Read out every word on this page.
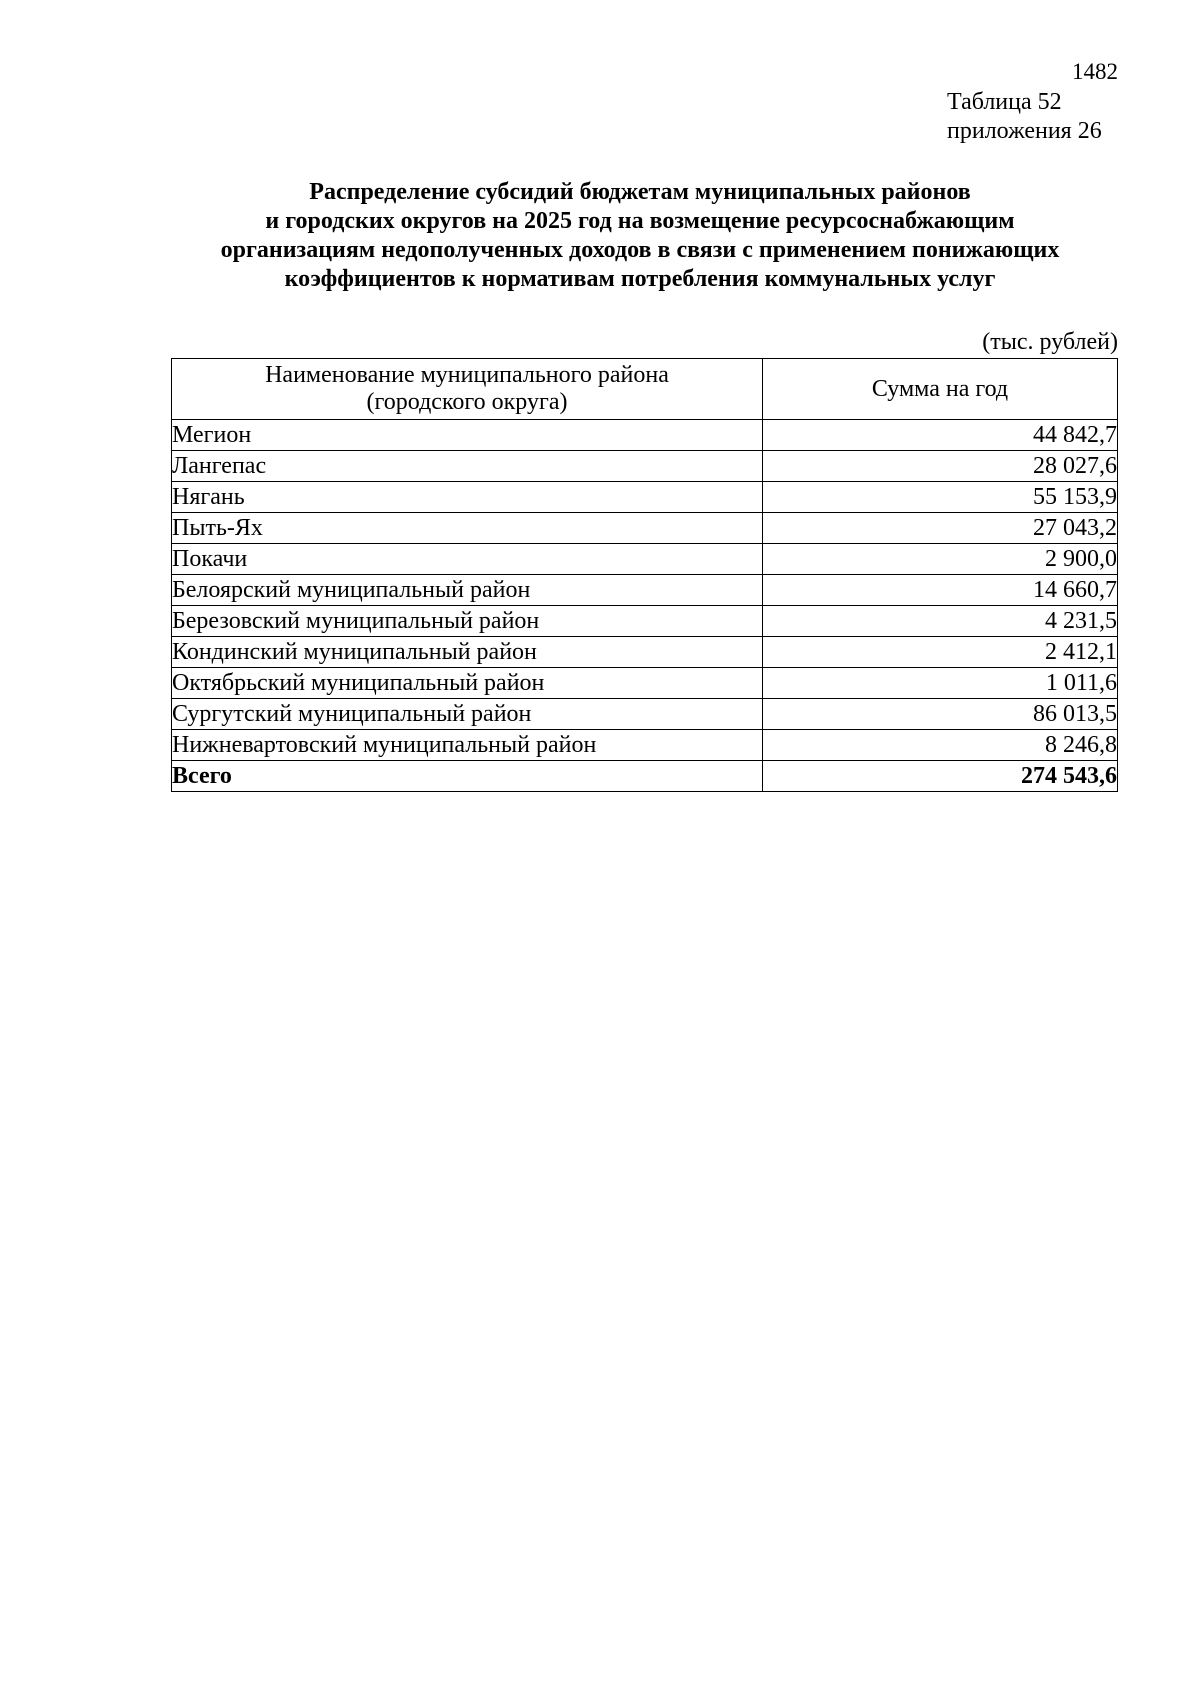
1482
Таблица 52
приложения 26
Распределение субсидий бюджетам муниципальных районов
и городских округов на 2025 год на возмещение ресурсоснабжающим
организациям недополученных доходов в связи с применением понижающих
коэффициентов к нормативам потребления коммунальных услуг
(тыс. рублей)
Наименование муниципального района
(городского округа)	Сумма на год
Мегион	44 842,7
Лангепас	28 027,6
Нягань	55 153,9
Пыть-Ях	27 043,2
Покачи	2 900,0
Белоярский муниципальный район	14 660,7
Березовский муниципальный район	4 231,5
Кондинский муниципальный район	2 412,1
Октябрьский муниципальный район	1 011,6
Сургутский муниципальный район	86 013,5
Нижневартовский муниципальный район	8 246,8
Всего	274 543,6
